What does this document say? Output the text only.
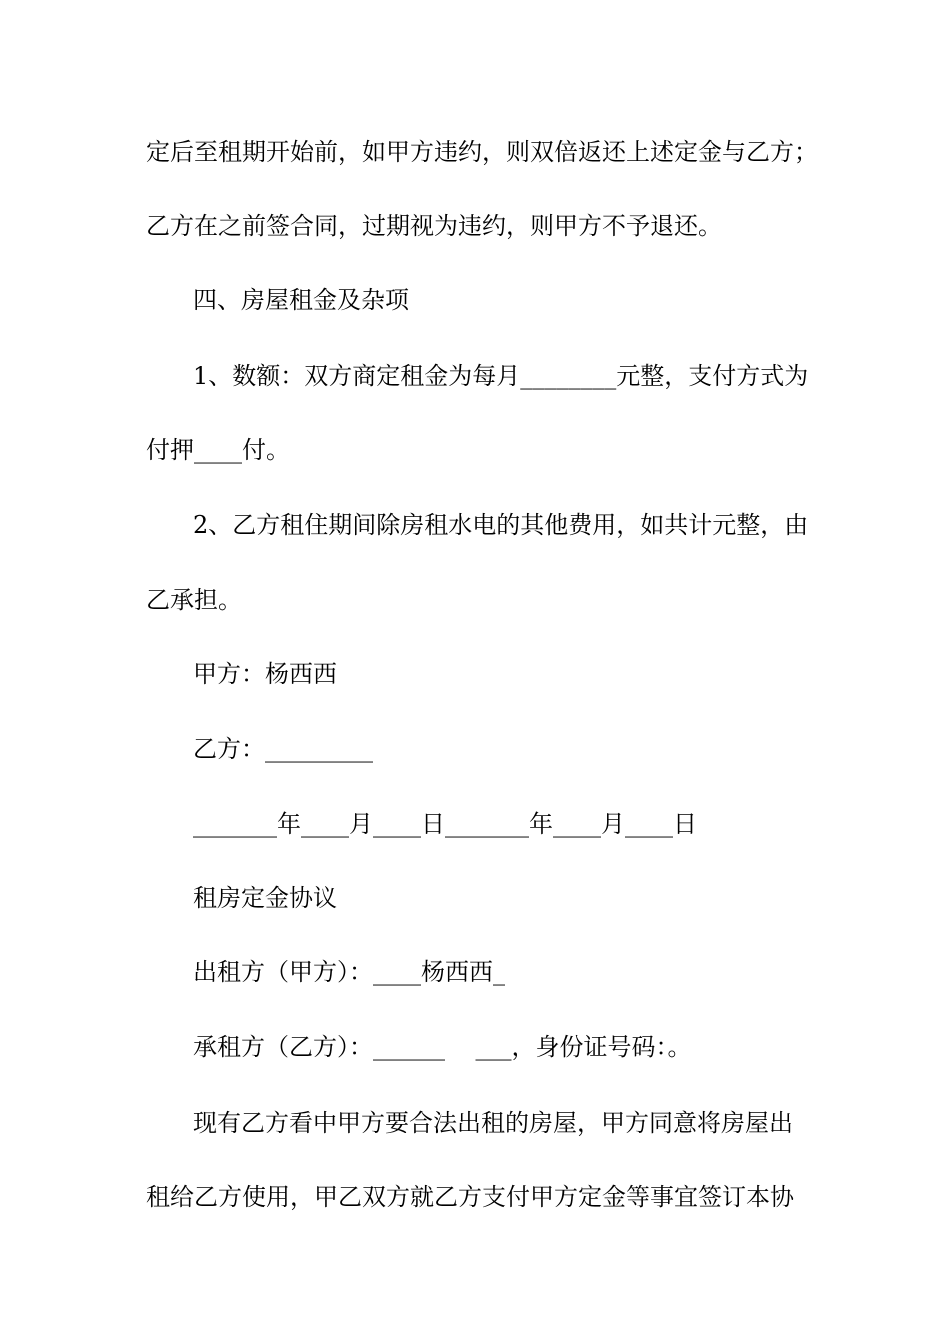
定后至租期开始前，如甲方违约，则双倍返还上述定金与乙方；
乙方在之前签合同，过期视为违约，则甲方不予退还。
四、房屋租金及杂项
1、数额：双方商定租金为每月________元整，支付方式为
付押____付。
2、乙方租住期间除房租水电的其他费用，如共计元整，由
乙承担。
甲方：杨西西
乙方：_________
_______年____月____日_______年____月____日
租房定金协议
出租方（甲方）：____杨西西_
承租方（乙方）：______    ___，身份证号码：。
现有乙方看中甲方要合法出租的房屋，甲方同意将房屋出
租给乙方使用，甲乙双方就乙方支付甲方定金等事宜签订本协
